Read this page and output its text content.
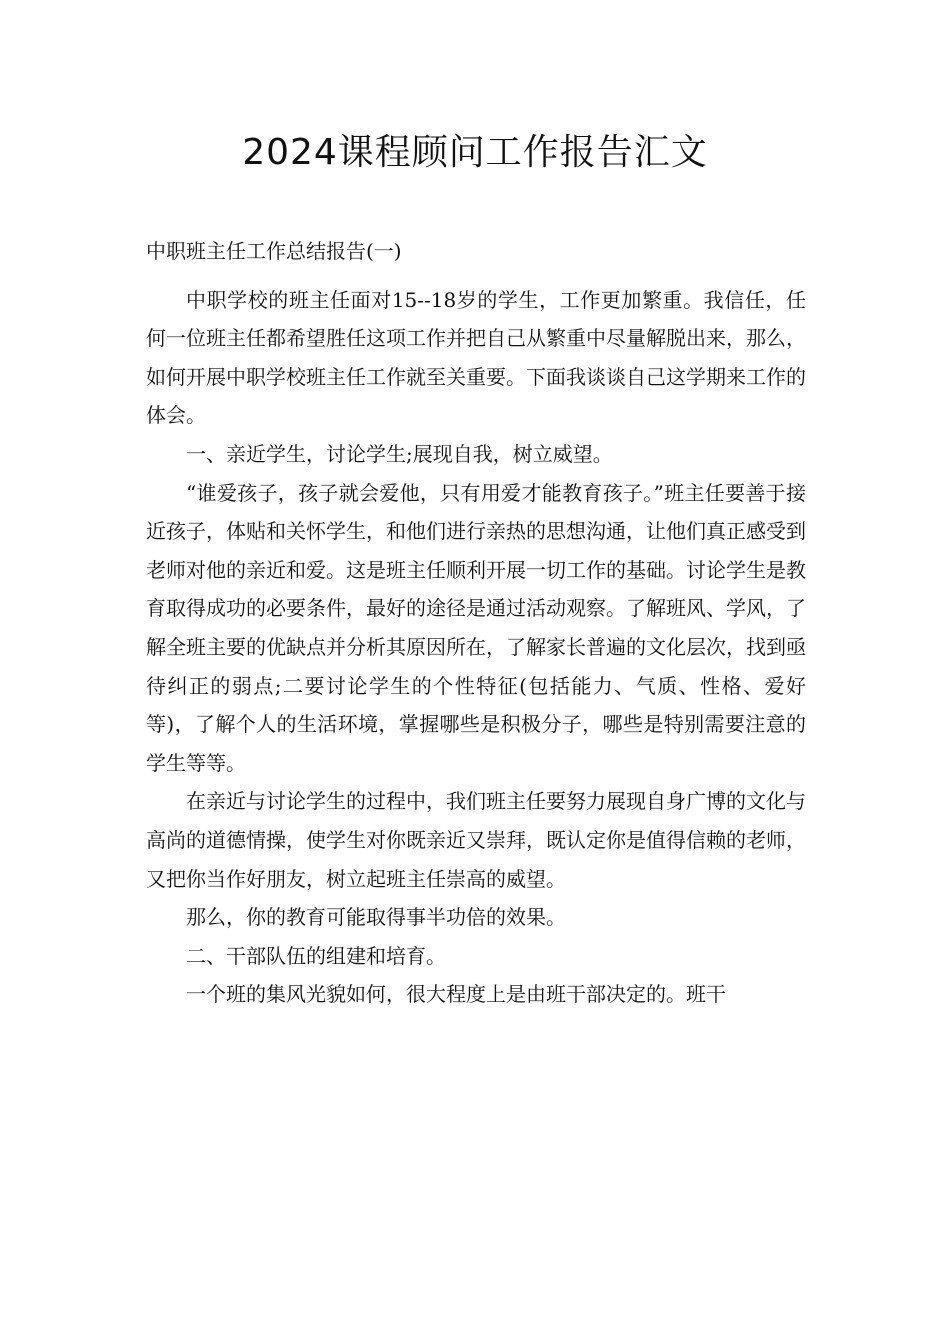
2024课程顾问工作报告汇文

中职班主任工作总结报告(一)

中职学校的班主任面对15--18岁的学生，工作更加繁重。我信任，任何一位班主任都希望胜任这项工作并把自己从繁重中尽量解脱出来，那么，如何开展中职学校班主任工作就至关重要。下面我谈谈自己这学期来工作的体会。

一、亲近学生，讨论学生;展现自我，树立威望。

“谁爱孩子，孩子就会爱他，只有用爱才能教育孩子。”班主任要善于接近孩子，体贴和关怀学生，和他们进行亲热的思想沟通，让他们真正感受到老师对他的亲近和爱。这是班主任顺利开展一切工作的基础。讨论学生是教育取得成功的必要条件，最好的途径是通过活动观察。了解班风、学风，了解全班主要的优缺点并分析其原因所在，了解家长普遍的文化层次，找到亟待纠正的弱点;二要讨论学生的个性特征(包括能力、气质、性格、爱好等)，了解个人的生活环境，掌握哪些是积极分子，哪些是特别需要注意的学生等等。

在亲近与讨论学生的过程中，我们班主任要努力展现自身广博的文化与高尚的道德情操，使学生对你既亲近又崇拜，既认定你是值得信赖的老师，又把你当作好朋友，树立起班主任崇高的威望。

那么，你的教育可能取得事半功倍的效果。

二、干部队伍的组建和培育。

一个班的集风光貌如何，很大程度上是由班干部决定的。班干
